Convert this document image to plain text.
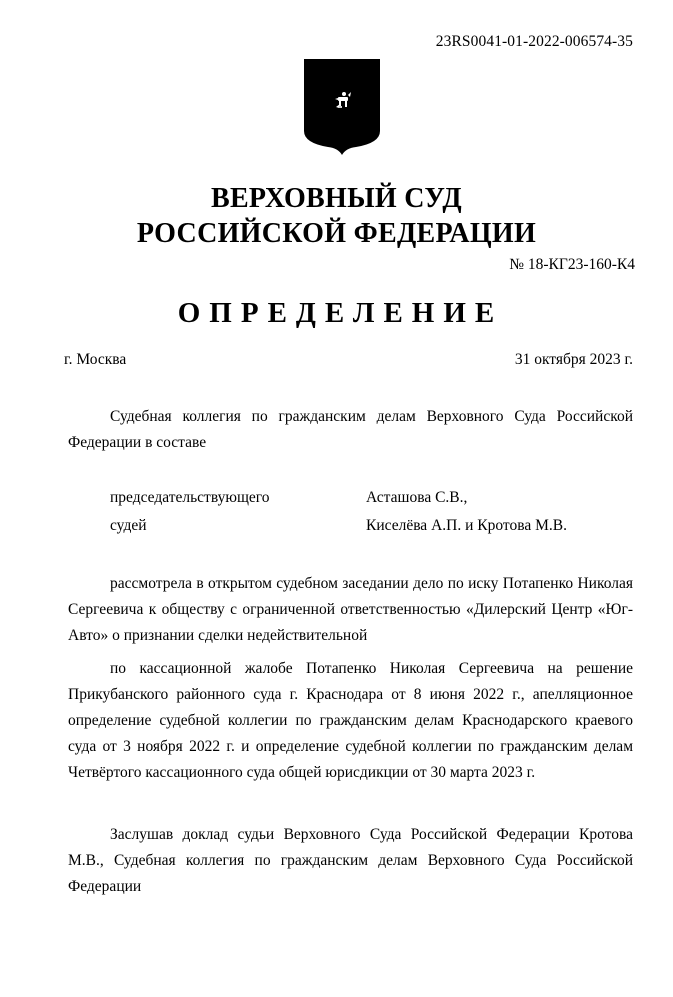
23RS0041-01-2022-006574-35
ВЕРХОВНЫЙ СУД
РОССИЙСКОЙ ФЕДЕРАЦИИ
№ 18-КГ23-160-К4
ОПРЕДЕЛЕНИЕ
г. Москва	31 октября 2023 г.
Судебная коллегия по гражданским делам Верховного Суда Российской Федерации в составе
председательствующего	Асташова С.В.,
судей	Киселёва А.П. и Кротова М.В.
рассмотрела в открытом судебном заседании дело по иску Потапенко Николая Сергеевича к обществу с ограниченной ответственностью «Дилерский Центр «Юг-Авто» о признании сделки недействительной
по кассационной жалобе Потапенко Николая Сергеевича на решение Прикубанского районного суда г. Краснодара от 8 июня 2022 г., апелляционное определение судебной коллегии по гражданским делам Краснодарского краевого суда от 3 ноября 2022 г. и определение судебной коллегии по гражданским делам Четвёртого кассационного суда общей юрисдикции от 30 марта 2023 г.
Заслушав доклад судьи Верховного Суда Российской Федерации Кротова М.В., Судебная коллегия по гражданским делам Верховного Суда Российской Федерации
